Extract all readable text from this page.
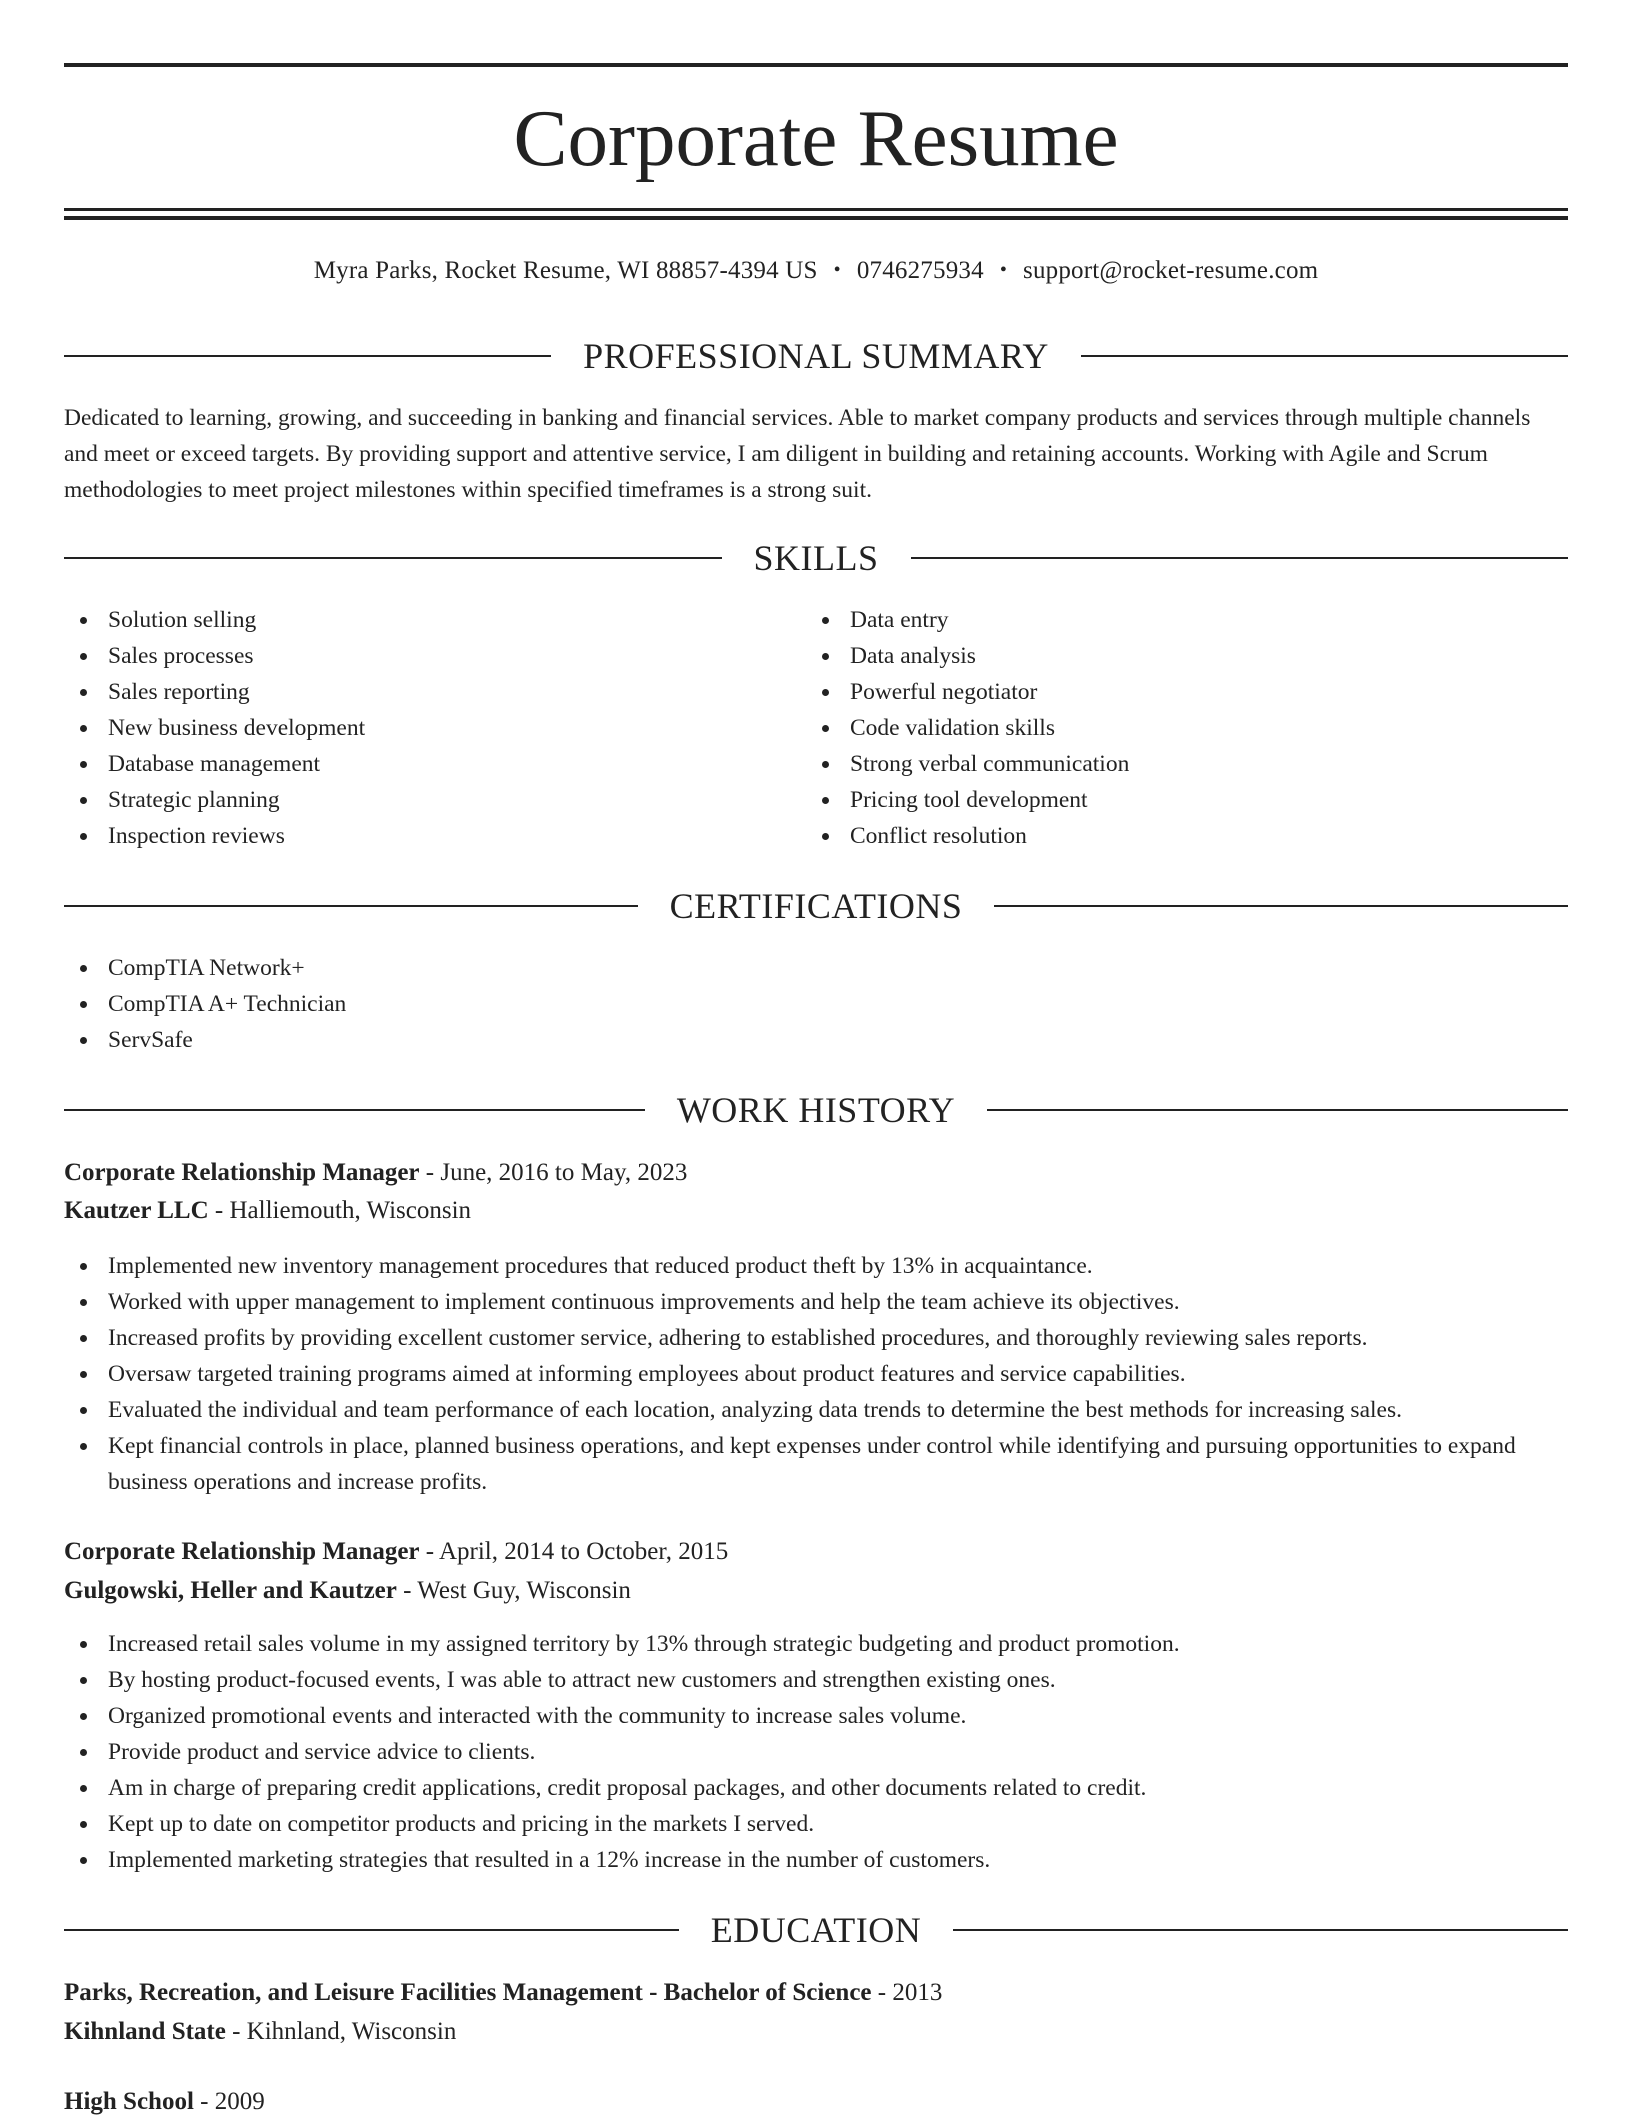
Corporate Resume
Myra Parks, Rocket Resume, WI 88857-4394 US • 0746275934 • support@rocket-resume.com
PROFESSIONAL SUMMARY

Dedicated to learning, growing, and succeeding in banking and financial services. Able to market company products and services through multiple channels and meet or exceed targets. By providing support and attentive service, I am diligent in building and retaining accounts. Working with Agile and Scrum methodologies to meet project milestones within specified timeframes is a strong suit.

SKILLS
Solution selling
Sales processes
Sales reporting
New business development
Database management
Strategic planning
Inspection reviews
Data entry
Data analysis
Powerful negotiator
Code validation skills
Strong verbal communication
Pricing tool development
Conflict resolution
CERTIFICATIONS
CompTIA Network+
CompTIA A+ Technician
ServSafe
WORK HISTORY
Corporate Relationship Manager - June, 2016 to May, 2023
Kautzer LLC - Halliemouth, Wisconsin
Implemented new inventory management procedures that reduced product theft by 13% in acquaintance.
Worked with upper management to implement continuous improvements and help the team achieve its objectives.
Increased profits by providing excellent customer service, adhering to established procedures, and thoroughly reviewing sales reports.
Oversaw targeted training programs aimed at informing employees about product features and service capabilities.
Evaluated the individual and team performance of each location, analyzing data trends to determine the best methods for increasing sales.
Kept financial controls in place, planned business operations, and kept expenses under control while identifying and pursuing opportunities to expand business operations and increase profits.
Corporate Relationship Manager - April, 2014 to October, 2015
Gulgowski, Heller and Kautzer - West Guy, Wisconsin
Increased retail sales volume in my assigned territory by 13% through strategic budgeting and product promotion.
By hosting product-focused events, I was able to attract new customers and strengthen existing ones.
Organized promotional events and interacted with the community to increase sales volume.
Provide product and service advice to clients.
Am in charge of preparing credit applications, credit proposal packages, and other documents related to credit.
Kept up to date on competitor products and pricing in the markets I served.
Implemented marketing strategies that resulted in a 12% increase in the number of customers.
EDUCATION
Parks, Recreation, and Leisure Facilities Management - Bachelor of Science - 2013
Kihnland State - Kihnland, Wisconsin
High School - 2009
